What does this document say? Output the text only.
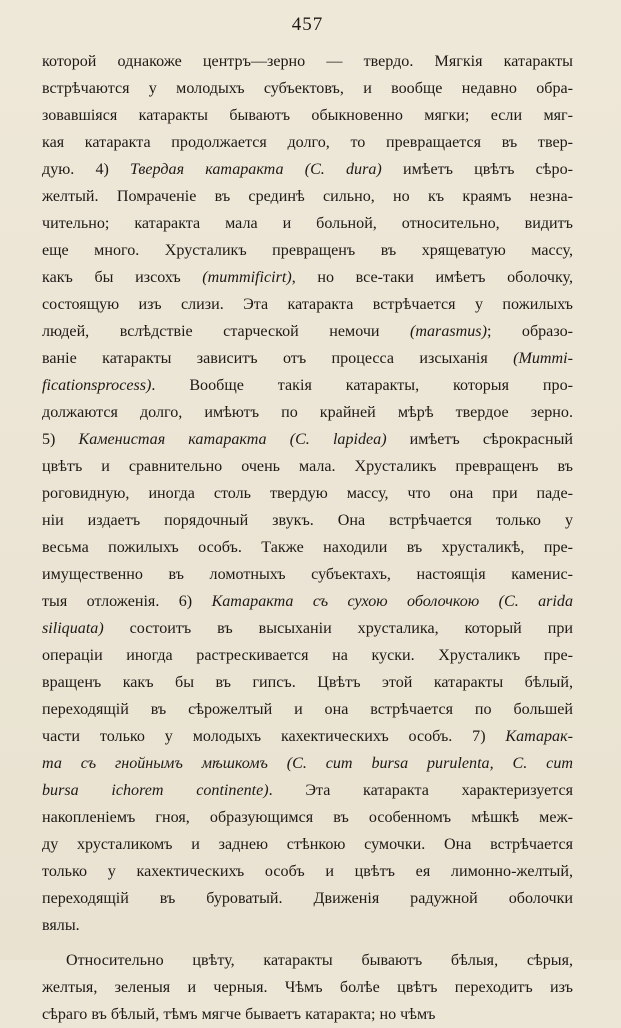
457
которой однакоже центръ—зерно — твердо. Мягкія катаракты
встрѣчаются у молодыхъ субъектовъ, и вообще недавно обра-
зовавшіяся катаракты бываютъ обыкновенно мягки; если мяг-
кая катаракта продолжается долго, то превращается въ твер-
дую. 4) Твердая катаракта (C. dura) имѣетъ цвѣтъ сѣро-
желтый. Помраченіе въ срединѣ сильно, но къ краямъ незна-
чительно; катаракта мала и больной, относительно, видитъ
еще много. Хрусталикъ превращенъ въ хрящеватую массу,
какъ бы изсохъ (mummificirt), но все-таки имѣетъ оболочку,
состоящую изъ слизи. Эта катаракта встрѣчается у пожилыхъ
людей, вслѣдствіе старческой немочи (marasmus); образо-
ваніе катаракты зависитъ отъ процесса изсыханія (Mummi-
ficationsprocess). Вообще такія катаракты, которыя про-
должаются долго, имѣютъ по крайней мѣрѣ твердое зерно.
5) Каменистая катаракта (C. lapidea) имѣетъ сѣрокрасный
цвѣтъ и сравнительно очень мала. Хрусталикъ превращенъ въ
роговидную, иногда столь твердую массу, что она при паде-
ніи издаетъ порядочный звукъ. Она встрѣчается только у
весьма пожилыхъ особъ. Также находили въ хрусталикѣ, пре-
имущественно въ ломотныхъ субъектахъ, настоящія каменис-
тыя отложенія. 6) Катаракта съ сухою оболочкою (C. arida
siliquata) состоитъ въ высыханіи хрусталика, который при
операціи иногда растрескивается на куски. Хрусталикъ пре-
вращенъ какъ бы въ гипсъ. Цвѣтъ этой катаракты бѣлый,
переходящій въ сѣрожелтый и она встрѣчается по большей
части только у молодыхъ кахектическихъ особъ. 7) Катарак-
та съ гнойнымъ мѣшкомъ (C. cum bursa purulenta, C. cum
bursa ichorem continente). Эта катаракта характеризуется
накопленіемъ гноя, образующимся въ особенномъ мѣшкѣ меж-
ду хрусталикомъ и заднею стѣнкою сумочки. Она встрѣчается
только у кахектическихъ особъ и цвѣтъ ея лимонно-желтый,
переходящій въ буроватый. Движенія радужной оболочки
вялы.
Относительно цвѣту, катаракты бываютъ бѣлыя, сѣрыя,
желтыя, зеленыя и черныя. Чѣмъ болѣе цвѣтъ переходитъ изъ
сѣраго въ бѣлый, тѣмъ мягче бываетъ катаракта; но чѣмъ
